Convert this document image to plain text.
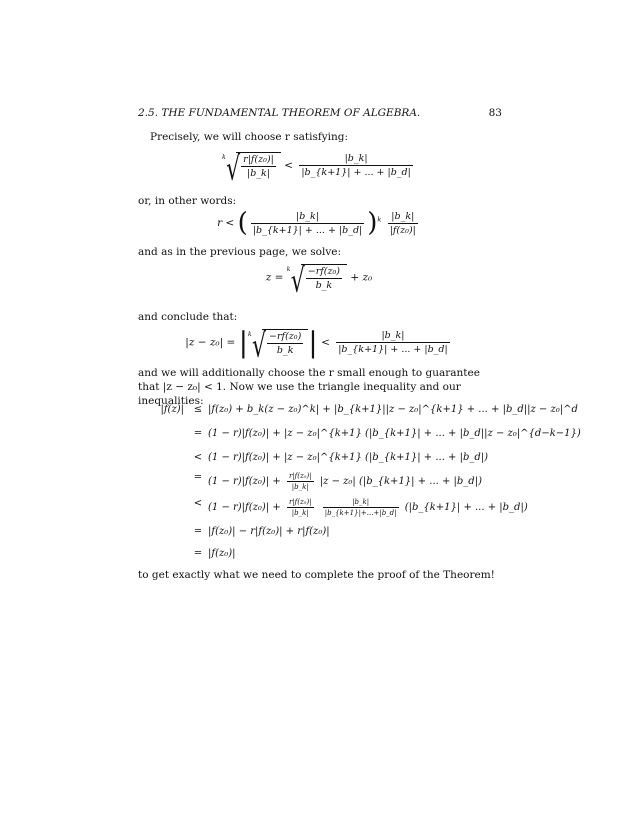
2.5. THE FUNDAMENTAL THEOREM OF ALGEBRA.	83
Precisely, we will choose r satisfying:
k √ $\frac{\text{r|f(z₀)|}}{|b\_k|} < \frac{|b\_k|}{|b\_\{k+1\}| + ... + |b\_d|}$
or, in other words:
r < ( $\frac{|b\_k|}{|b\_\{k+1\}| + ... + |b\_d|} )^k \frac{|b\_k|}{\text{|f(z₀)|}}$
and as in the previous page, we solve:
z =
k √ $\frac{\text{−rf(z₀)}}{b\_k} + z_0$
and conclude that:
|z − z₀| = | k √ $\frac{\text{−rf(z₀)}}{b\_k}$ | < $\frac{|b\_k|}{|b\_\{k+1\}| + ... + |b\_d|}$
and we will additionally choose the r small enough to guarantee that |z − z₀| < 1. Now we use the triangle inequality and our inequalities:
|f(z)| ≤ |f(z₀) + b_k(z − z₀)^k| + |b_{k+1}||z − z₀|^{k+1} + ... + |b_d||z − z₀|^d
= (1 − r)|f(z₀)| + |z − z₀|^{k+1} (|b_{k+1}| + ... + |b_d||z − z₀|^{d−k−1})
< (1 − r)|f(z₀)| + |z − z₀|^{k+1} (|b_{k+1}| + ... + |b_d|)
= $(1 - r)|f(z_0)| + \frac{\text{r|f(z₀)|}}{|b\_k|} |z - z_0|$ (|b_{k+1}| + ... + |b_d|)
< $(1 - r)|f(z_0)| + \frac{\text{r|f(z₀)|}}{|b\_k|}$
$\frac{|b\_k|}{|b\_\{k+1\}|+...+|b\_d|}$ (|b_{k+1}| + ... + |b_d|)
= |f(z₀)| − r|f(z₀)| + r|f(z₀)|
= |f(z₀)|
to get exactly what we need to complete the proof of the Theorem!
